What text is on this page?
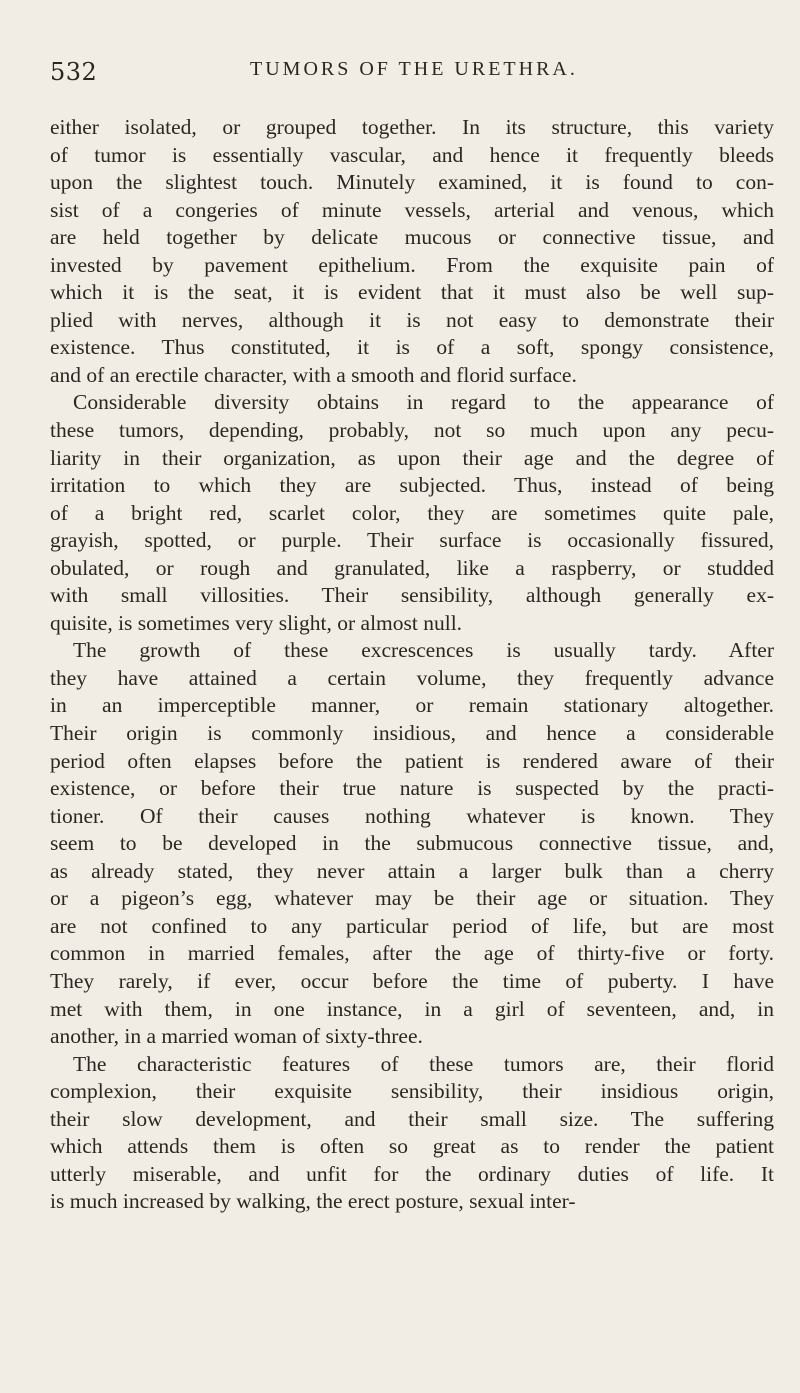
532	TUMORS OF THE URETHRA.
either isolated, or grouped together. In its structure, this variety
of tumor is essentially vascular, and hence it frequently bleeds
upon the slightest touch. Minutely examined, it is found to con-
sist of a congeries of minute vessels, arterial and venous, which
are held together by delicate mucous or connective tissue, and
invested by pavement epithelium. From the exquisite pain of
which it is the seat, it is evident that it must also be well sup-
plied with nerves, although it is not easy to demonstrate their
existence. Thus constituted, it is of a soft, spongy consistence,
and of an erectile character, with a smooth and florid surface.
Considerable diversity obtains in regard to the appearance of
these tumors, depending, probably, not so much upon any pecu-
liarity in their organization, as upon their age and the degree of
irritation to which they are subjected. Thus, instead of being
of a bright red, scarlet color, they are sometimes quite pale,
grayish, spotted, or purple. Their surface is occasionally fissured,
obulated, or rough and granulated, like a raspberry, or studded
with small villosities. Their sensibility, although generally ex-
quisite, is sometimes very slight, or almost null.
The growth of these excrescences is usually tardy. After
they have attained a certain volume, they frequently advance
in an imperceptible manner, or remain stationary altogether.
Their origin is commonly insidious, and hence a considerable
period often elapses before the patient is rendered aware of their
existence, or before their true nature is suspected by the practi-
tioner. Of their causes nothing whatever is known. They
seem to be developed in the submucous connective tissue, and,
as already stated, they never attain a larger bulk than a cherry
or a pigeon’s egg, whatever may be their age or situation. They
are not confined to any particular period of life, but are most
common in married females, after the age of thirty-five or forty.
They rarely, if ever, occur before the time of puberty. I have
met with them, in one instance, in a girl of seventeen, and, in
another, in a married woman of sixty-three.
The characteristic features of these tumors are, their florid
complexion, their exquisite sensibility, their insidious origin,
their slow development, and their small size. The suffering
which attends them is often so great as to render the patient
utterly miserable, and unfit for the ordinary duties of life. It
is much increased by walking, the erect posture, sexual inter-
